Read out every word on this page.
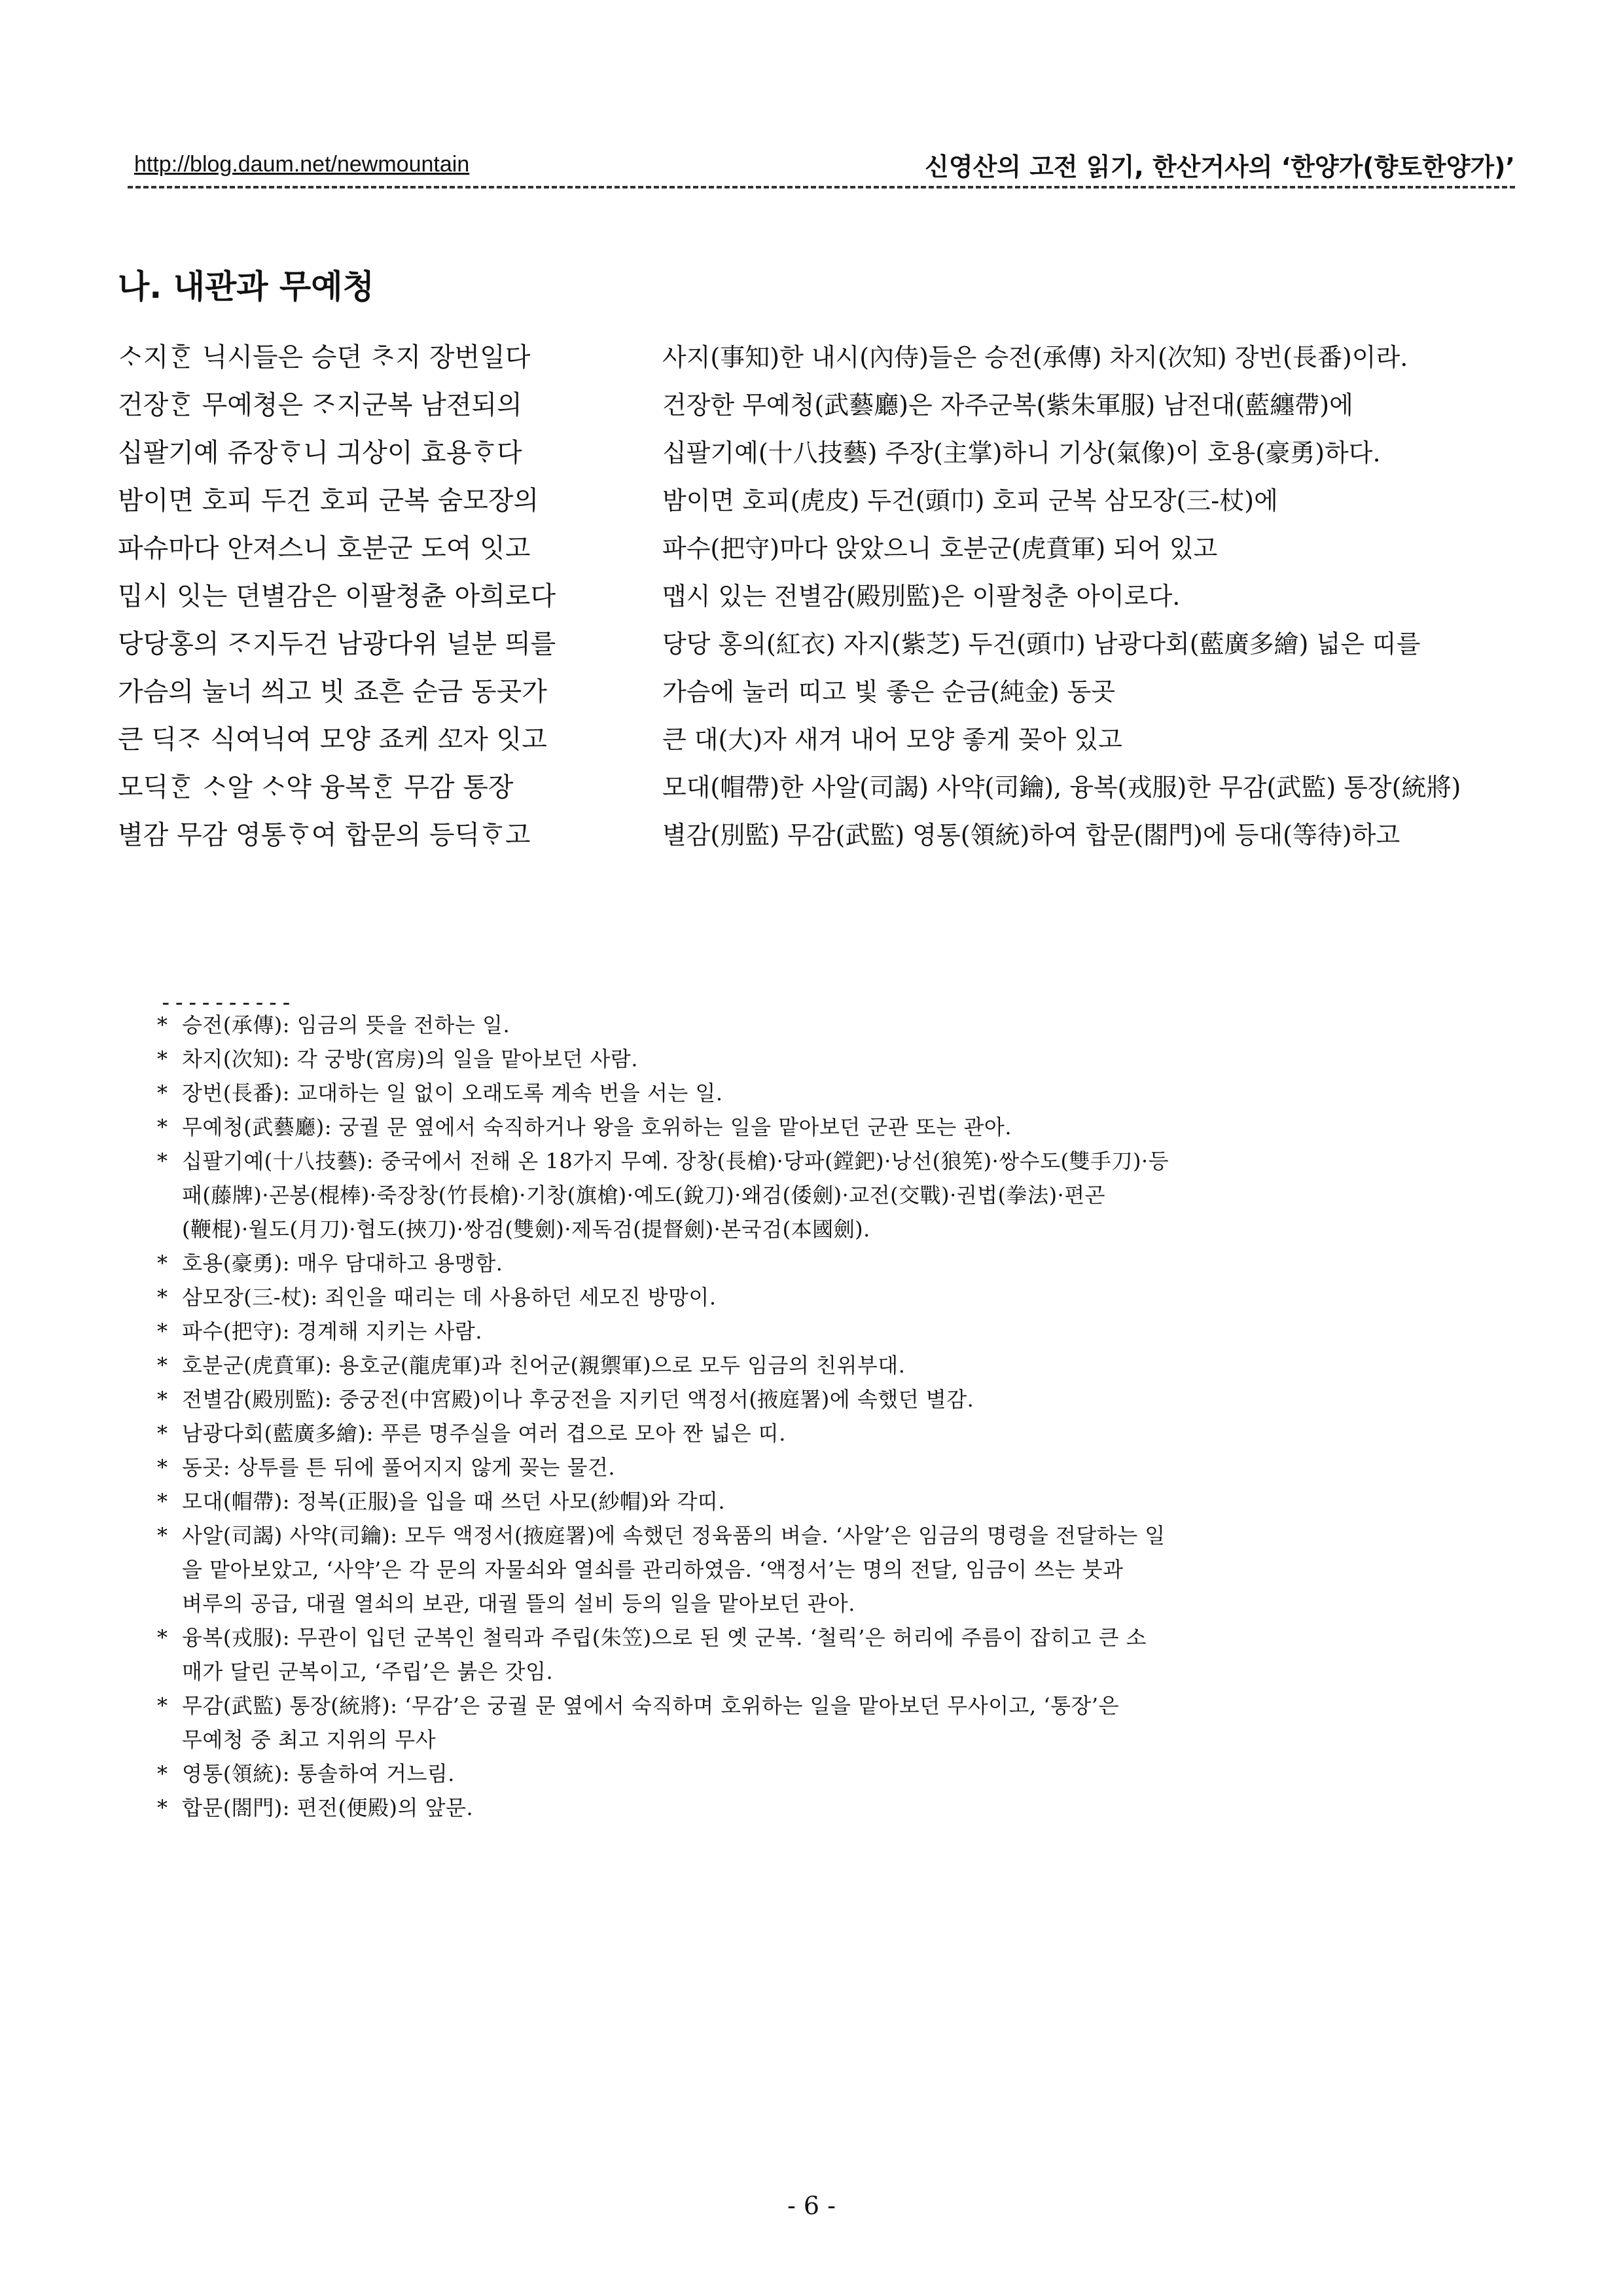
http://blog.daum.net/newmountain	신영산의 고전 읽기, 한산거사의 ‘한양가(향토한양가)’
나. 내관과 무예청
ᄉᆞ지ᄒᆞᆫ 닉시들은 승뎐 ᄎᆞ지 장번일다
건장ᄒᆞᆫ 무예쳥은 ᄌᆞ지군복 남젼되의
십팔기예 쥬장ᄒᆞ니 긔상이 효용ᄒᆞ다
밤이면 호피 두건 호피 군복 숨모장의
파슈마다 안져스니 호분군 도여 잇고
밉시 잇는 뎐별감은 이팔쳥츈 아희로다
당당홍의 ᄌᆞ지두건 남광다위 널분 띄를
가슴의 눌너 씌고 빗 죠흔 순금 동곳가
큰 딕ᄌᆞ 식여닉여 모양 죠케 ᄭᅩ자 잇고
모딕ᄒᆞᆫ ᄉᆞ알 ᄉᆞ약 융복ᄒᆞᆫ 무감 통장
별감 무감 영통ᄒᆞ여 합문의 등딕ᄒᆞ고
사지(事知)한 내시(內侍)들은 승전(承傳) 차지(次知) 장번(長番)이라.
건장한 무예청(武藝廳)은 자주군복(紫朱軍服) 남전대(藍纏帶)에
십팔기예(十八技藝) 주장(主掌)하니 기상(氣像)이 호용(豪勇)하다.
밤이면 호피(虎皮) 두건(頭巾) 호피 군복 삼모장(三-杖)에
파수(把守)마다 앉았으니 호분군(虎賁軍) 되어 있고
맵시 있는 전별감(殿別監)은 이팔청춘 아이로다.
당당 홍의(紅衣) 자지(紫芝) 두건(頭巾) 남광다회(藍廣多繪) 넓은 띠를
가슴에 눌러 띠고 빛 좋은 순금(純金) 동곳
큰 대(大)자 새겨 내어 모양 좋게 꽂아 있고
모대(帽帶)한 사알(司謁) 사약(司鑰), 융복(戎服)한 무감(武監) 통장(統將)
별감(別監) 무감(武監) 영통(領統)하여 합문(閤門)에 등대(等待)하고
----------
* 승전(承傳): 임금의 뜻을 전하는 일.
* 차지(次知): 각 궁방(宮房)의 일을 맡아보던 사람.
* 장번(長番): 교대하는 일 없이 오래도록 계속 번을 서는 일.
* 무예청(武藝廳): 궁궐 문 옆에서 숙직하거나 왕을 호위하는 일을 맡아보던 군관 또는 관아.
* 십팔기예(十八技藝): 중국에서 전해 온 18가지 무예. 장창(長槍)·당파(鏜鈀)·낭선(狼筅)·쌍수도(雙手刀)·등
패(藤牌)·곤봉(棍棒)·죽장창(竹長槍)·기창(旗槍)·예도(銳刀)·왜검(倭劍)·교전(交戰)·권법(拳法)·편곤
(鞭棍)·월도(月刀)·협도(挾刀)·쌍검(雙劍)·제독검(提督劍)·본국검(本國劍).
* 호용(豪勇): 매우 담대하고 용맹함.
* 삼모장(三-杖): 죄인을 때리는 데 사용하던 세모진 방망이.
* 파수(把守): 경계해 지키는 사람.
* 호분군(虎賁軍): 용호군(龍虎軍)과 친어군(親禦軍)으로 모두 임금의 친위부대.
* 전별감(殿別監): 중궁전(中宮殿)이나 후궁전을 지키던 액정서(掖庭署)에 속했던 별감.
* 남광다회(藍廣多繪): 푸른 명주실을 여러 겹으로 모아 짠 넓은 띠.
* 동곳: 상투를 튼 뒤에 풀어지지 않게 꽂는 물건.
* 모대(帽帶): 정복(正服)을 입을 때 쓰던 사모(紗帽)와 각띠.
* 사알(司謁) 사약(司鑰): 모두 액정서(掖庭署)에 속했던 정육품의 벼슬. ‘사알’은 임금의 명령을 전달하는 일
을 맡아보았고, ‘사약’은 각 문의 자물쇠와 열쇠를 관리하였음. ‘액정서’는 명의 전달, 임금이 쓰는 붓과
벼루의 공급, 대궐 열쇠의 보관, 대궐 뜰의 설비 등의 일을 맡아보던 관아.
* 융복(戎服): 무관이 입던 군복인 철릭과 주립(朱笠)으로 된 옛 군복. ‘철릭’은 허리에 주름이 잡히고 큰 소
매가 달린 군복이고, ‘주립’은 붉은 갓임.
* 무감(武監) 통장(統將): ‘무감’은 궁궐 문 옆에서 숙직하며 호위하는 일을 맡아보던 무사이고, ‘통장’은
무예청 중 최고 지위의 무사
* 영통(領統): 통솔하여 거느림.
* 합문(閤門): 편전(便殿)의 앞문.
- 6 -
